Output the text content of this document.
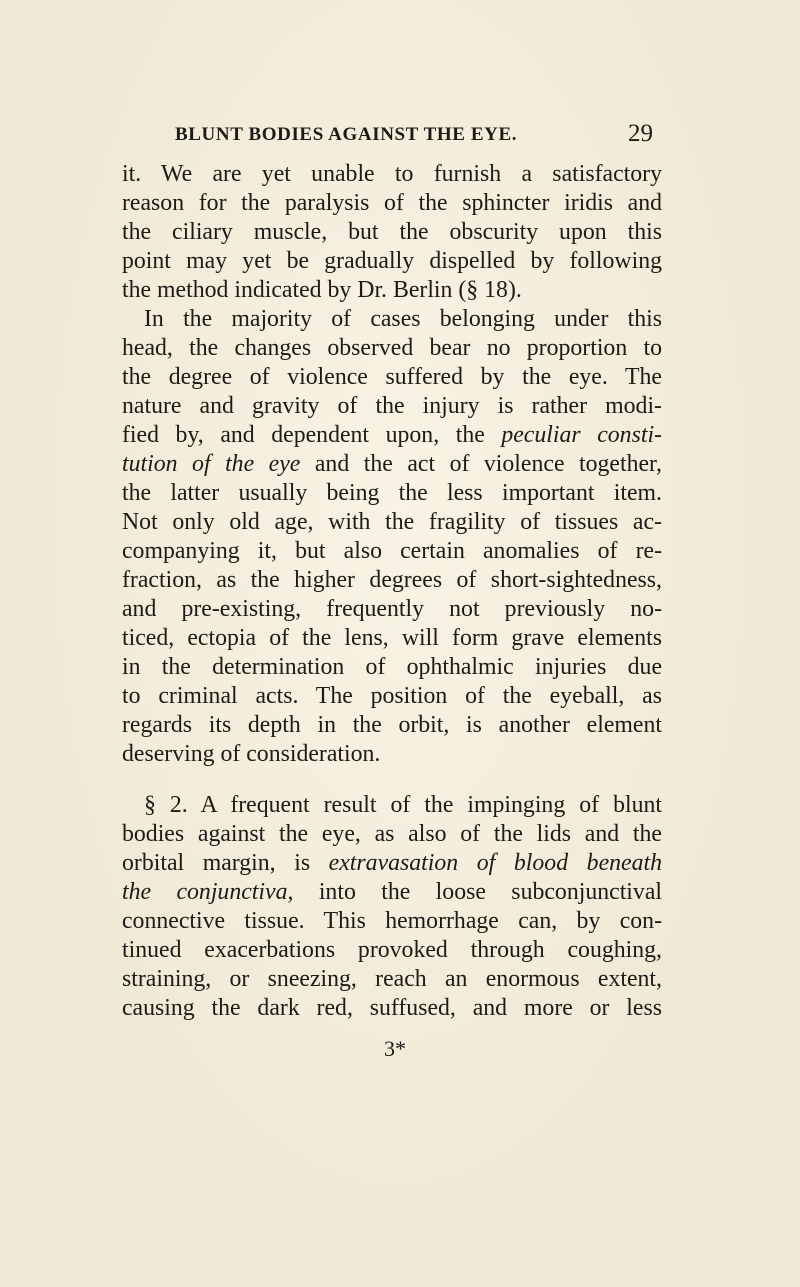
BLUNT BODIES AGAINST THE EYE.	29
it. We are yet unable to furnish a satisfactory
reason for the paralysis of the sphincter iridis and
the ciliary muscle, but the obscurity upon this
point may yet be gradually dispelled by following
the method indicated by Dr. Berlin (§ 18).
In the majority of cases belonging under this
head, the changes observed bear no proportion to
the degree of violence suffered by the eye. The
nature and gravity of the injury is rather modi-
fied by, and dependent upon, the peculiar consti-
tution of the eye and the act of violence together,
the latter usually being the less important item.
Not only old age, with the fragility of tissues ac-
companying it, but also certain anomalies of re-
fraction, as the higher degrees of short-sightedness,
and pre-existing, frequently not previously no-
ticed, ectopia of the lens, will form grave elements
in the determination of ophthalmic injuries due
to criminal acts. The position of the eyeball, as
regards its depth in the orbit, is another element
deserving of consideration.
§ 2. A frequent result of the impinging of blunt
bodies against the eye, as also of the lids and the
orbital margin, is extravasation of blood beneath
the conjunctiva, into the loose subconjunctival
connective tissue. This hemorrhage can, by con-
tinued exacerbations provoked through coughing,
straining, or sneezing, reach an enormous extent,
causing the dark red, suffused, and more or less
3*
